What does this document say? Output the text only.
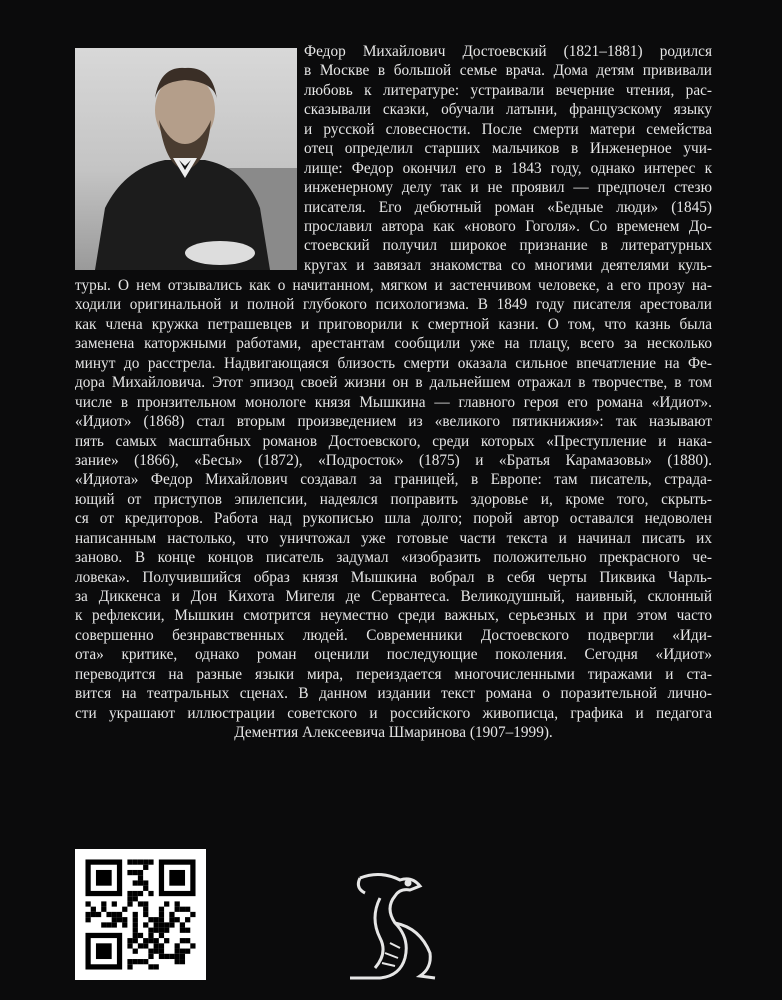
Федор Михайлович Достоевский (1821–1881) родился
в Москве в большой семье врача. Дома детям прививали
любовь к литературе: устраивали вечерние чтения, рас-
сказывали сказки, обучали латыни, французскому языку
и русской словесности. После смерти матери семейства
отец определил старших мальчиков в Инженерное учи-
лище: Федор окончил его в 1843 году, однако интерес к
инженерному делу так и не проявил — предпочел стезю
писателя. Его дебютный роман «Бедные люди» (1845)
прославил автора как «нового Гоголя». Со временем До-
стоевский получил широкое признание в литературных
кругах и завязал знакомства со многими деятелями куль-
туры. О нем отзывались как о начитанном, мягком и застенчивом человеке, а его прозу на-
ходили оригинальной и полной глубокого психологизма. В 1849 году писателя арестовали
как члена кружка петрашевцев и приговорили к смертной казни. О том, что казнь была
заменена каторжными работами, арестантам сообщили уже на плацу, всего за несколько
минут до расстрела. Надвигающаяся близость смерти оказала сильное впечатление на Фе-
дора Михайловича. Этот эпизод своей жизни он в дальнейшем отражал в творчестве, в том
числе в пронзительном монологе князя Мышкина — главного героя его романа «Идиот».
«Идиот» (1868) стал вторым произведением из «великого пятикнижия»: так называют
пять самых масштабных романов Достоевского, среди которых «Преступление и нака-
зание» (1866), «Бесы» (1872), «Подросток» (1875) и «Братья Карамазовы» (1880).
«Идиота» Федор Михайлович создавал за границей, в Европе: там писатель, страда-
ющий от приступов эпилепсии, надеялся поправить здоровье и, кроме того, скрыть-
ся от кредиторов. Работа над рукописью шла долго; порой автор оставался недоволен
написанным настолько, что уничтожал уже готовые части текста и начинал писать их
заново. В конце концов писатель задумал «изобразить положительно прекрасного че-
ловека». Получившийся образ князя Мышкина вобрал в себя черты Пиквика Чарль-
за Диккенса и Дон Кихота Мигеля де Сервантеса. Великодушный, наивный, склонный
к рефлексии, Мышкин смотрится неуместно среди важных, серьезных и при этом часто
совершенно безнравственных людей. Современники Достоевского подвергли «Иди-
ота» критике, однако роман оценили последующие поколения. Сегодня «Идиот»
переводится на разные языки мира, переиздается многочисленными тиражами и ста-
вится на театральных сценах. В данном издании текст романа о поразительной лично-
сти украшают иллюстрации советского и российского живописца, графика и педагога
Дементия Алексеевича Шмаринова (1907–1999).
